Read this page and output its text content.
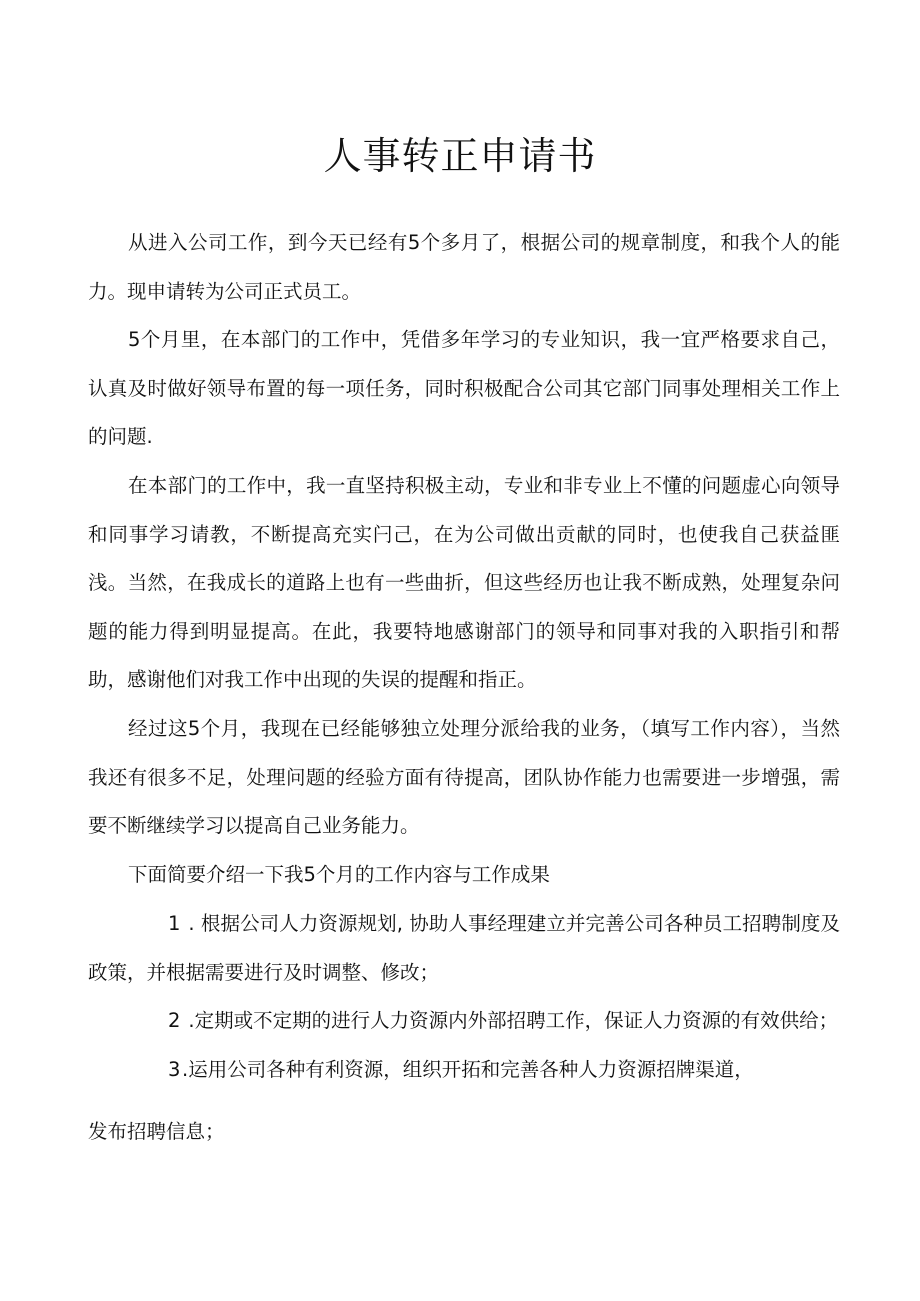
人事转正申请书

从进入公司工作，到今天已经有5个多月了，根据公司的规章制度，和我个人的能力。现申请转为公司正式员工。

5个月里，在本部门的工作中，凭借多年学习的专业知识，我一宜严格要求自己，认真及时做好领导布置的每一项任务，同时积极配合公司其它部门同事处理相关工作上的问题.

在本部门的工作中，我一直坚持积极主动，专业和非专业上不懂的问题虚心向领导和同事学习请教，不断提高充实闩己，在为公司做出贡献的同时，也使我自己获益匪浅。当然，在我成长的道路上也有一些曲折，但这些经历也让我不断成熟，处理复杂问题的能力得到明显提高。在此，我要特地感谢部门的领导和同事对我的入职指引和帮助，感谢他们对我工作中出现的失误的提醒和指正。

经过这5个月，我现在已经能够独立处理分派给我的业务，（填写工作内容），当然我还有很多不足，处理问题的经验方面有待提高，团队协作能力也需要进一步增强，需要不断继续学习以提高自己业务能力。

下面简要介绍一下我5个月的工作内容与工作成果

1 . 根据公司人力资源规划, 协助人事经理建立并完善公司各种员工招聘制度及政策，并根据需要进行及时调整、修改；

2 .定期或不定期的进行人力资源内外部招聘工作，保证人力资源的有效供给；

3.运用公司各种有利资源，组织开拓和完善各种人力资源招牌渠道，

发布招聘信息；
